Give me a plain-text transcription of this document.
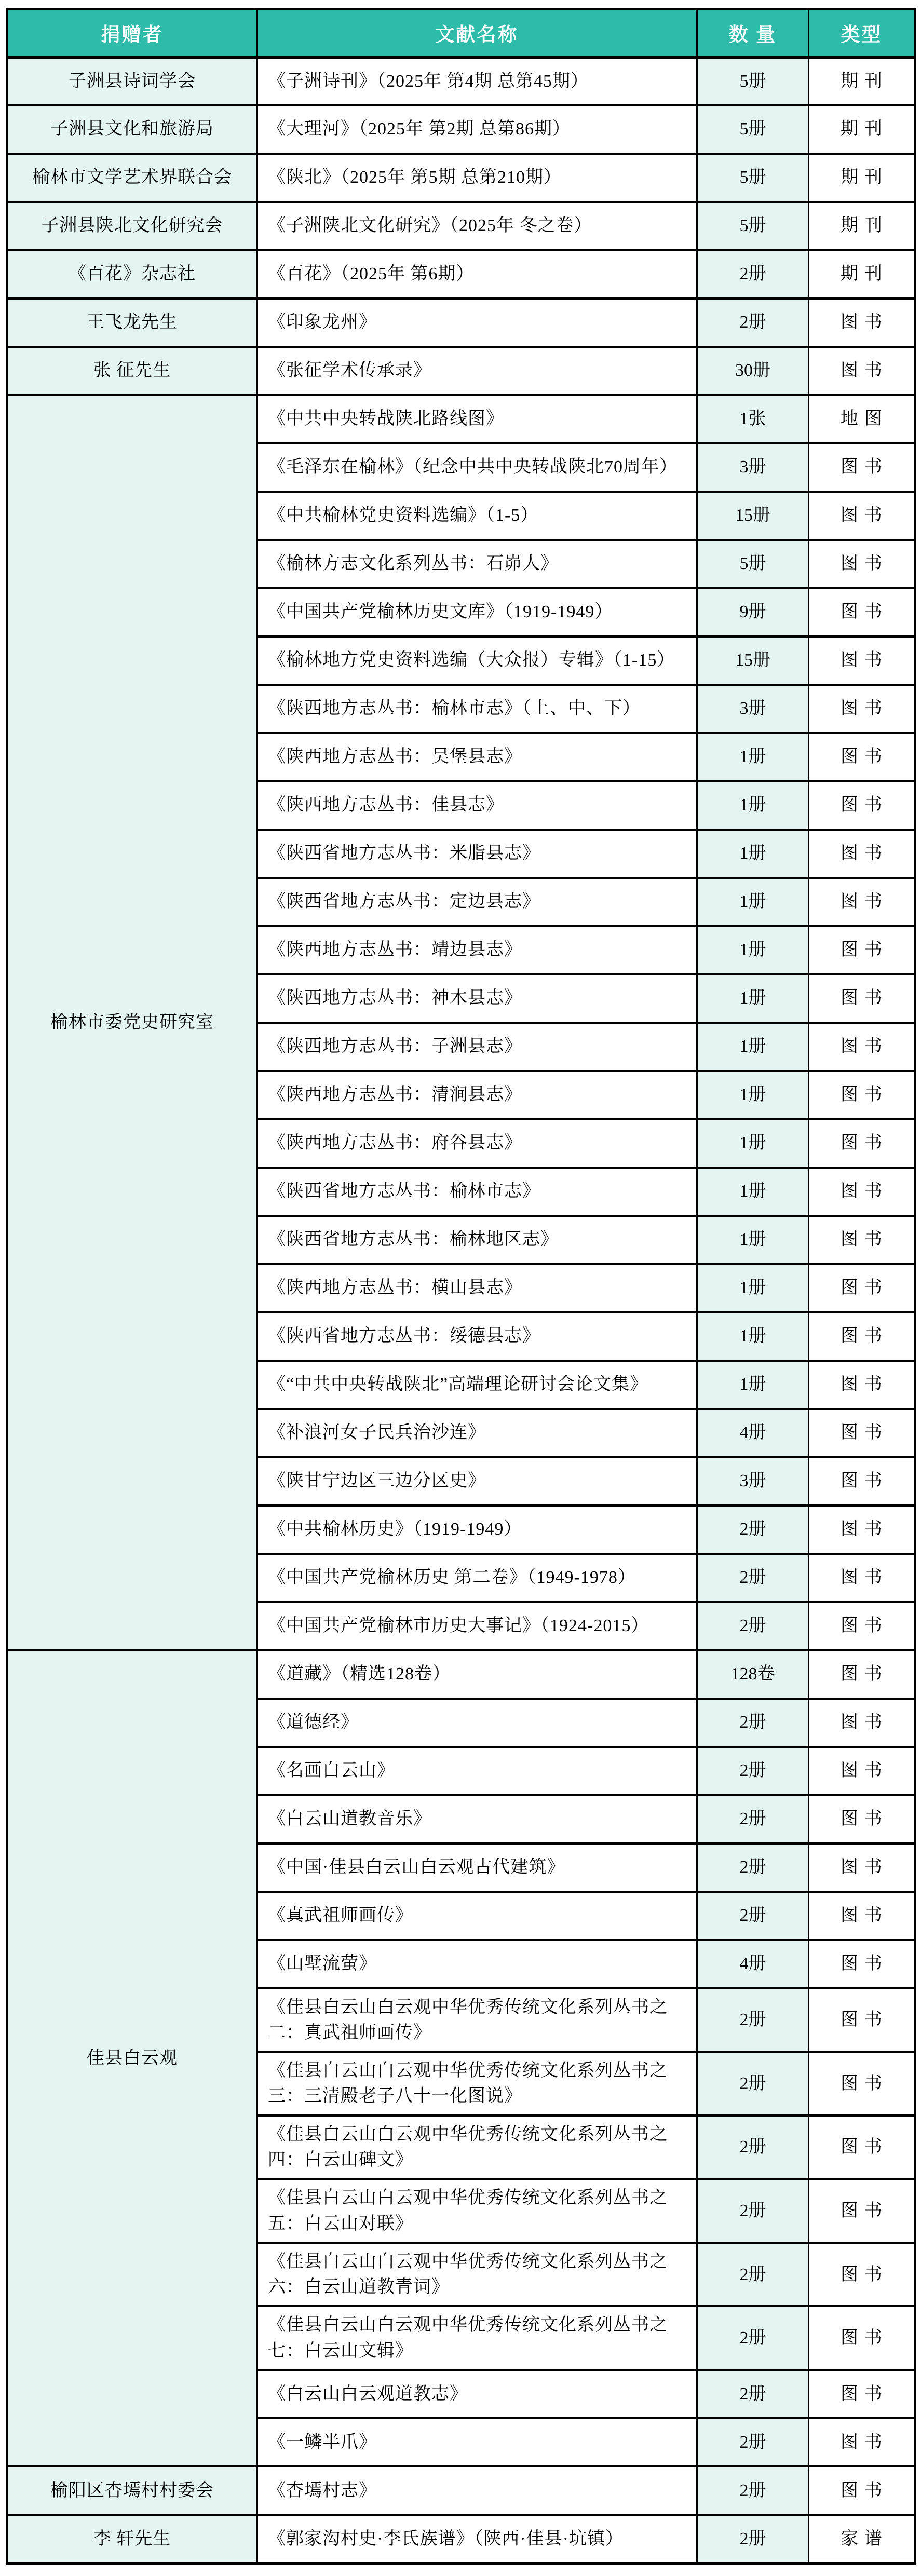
捐赠者	文献名称	数 量	类型
子洲县诗词学会	《子洲诗刊》（2025年 第4期 总第45期）	5册	期刊
子洲县文化和旅游局	《大理河》（2025年 第2期 总第86期）	5册	期刊
榆林市文学艺术界联合会	《陕北》（2025年 第5期 总第210期）	5册	期刊
子洲县陕北文化研究会	《子洲陕北文化研究》（2025年 冬之卷）	5册	期刊
《百花》杂志社	《百花》（2025年 第6期）	2册	期刊
王飞龙先生	《印象龙州》	2册	图书
张 征先生	《张征学术传承录》	30册	图书
榆林市委党史研究室	《中共中央转战陕北路线图》	1张	地图
	《毛泽东在榆林》（纪念中共中央转战陕北70周年）	3册	图书
	《中共榆林党史资料选编》（1-5）	15册	图书
	《榆林方志文化系列丛书：石峁人》	5册	图书
	《中国共产党榆林历史文库》（1919-1949）	9册	图书
	《榆林地方党史资料选编（大众报）专辑》（1-15）	15册	图书
	《陕西地方志丛书：榆林市志》（上、中、下）	3册	图书
	《陕西地方志丛书：吴堡县志》	1册	图书
	《陕西地方志丛书：佳县志》	1册	图书
	《陕西省地方志丛书：米脂县志》	1册	图书
	《陕西省地方志丛书：定边县志》	1册	图书
	《陕西地方志丛书：靖边县志》	1册	图书
	《陕西地方志丛书：神木县志》	1册	图书
	《陕西地方志丛书：子洲县志》	1册	图书
	《陕西地方志丛书：清涧县志》	1册	图书
	《陕西地方志丛书：府谷县志》	1册	图书
	《陕西省地方志丛书：榆林市志》	1册	图书
	《陕西省地方志丛书：榆林地区志》	1册	图书
	《陕西地方志丛书：横山县志》	1册	图书
	《陕西省地方志丛书：绥德县志》	1册	图书
	《“中共中央转战陕北”高端理论研讨会论文集》	1册	图书
	《补浪河女子民兵治沙连》	4册	图书
	《陕甘宁边区三边分区史》	3册	图书
	《中共榆林历史》（1919-1949）	2册	图书
	《中国共产党榆林历史 第二卷》（1949-1978）	2册	图书
	《中国共产党榆林市历史大事记》（1924-2015）	2册	图书
佳县白云观	《道藏》（精选128卷）	128卷	图书
	《道德经》	2册	图书
	《名画白云山》	2册	图书
	《白云山道教音乐》	2册	图书
	《中国·佳县白云山白云观古代建筑》	2册	图书
	《真武祖师画传》	2册	图书
	《山墅流萤》	4册	图书
	《佳县白云山白云观中华优秀传统文化系列丛书之二：真武祖师画传》	2册	图书
	《佳县白云山白云观中华优秀传统文化系列丛书之三：三清殿老子八十一化图说》	2册	图书
	《佳县白云山白云观中华优秀传统文化系列丛书之四：白云山碑文》	2册	图书
	《佳县白云山白云观中华优秀传统文化系列丛书之五：白云山对联》	2册	图书
	《佳县白云山白云观中华优秀传统文化系列丛书之六：白云山道教青词》	2册	图书
	《佳县白云山白云观中华优秀传统文化系列丛书之七：白云山文辑》	2册	图书
	《白云山白云观道教志》	2册	图书
	《一鳞半爪》	2册	图书
榆阳区杏墕村村委会	《杏墕村志》	2册	图书
李 轩先生	《郭家沟村史·李氏族谱》（陕西·佳县·坑镇）	2册	家谱
